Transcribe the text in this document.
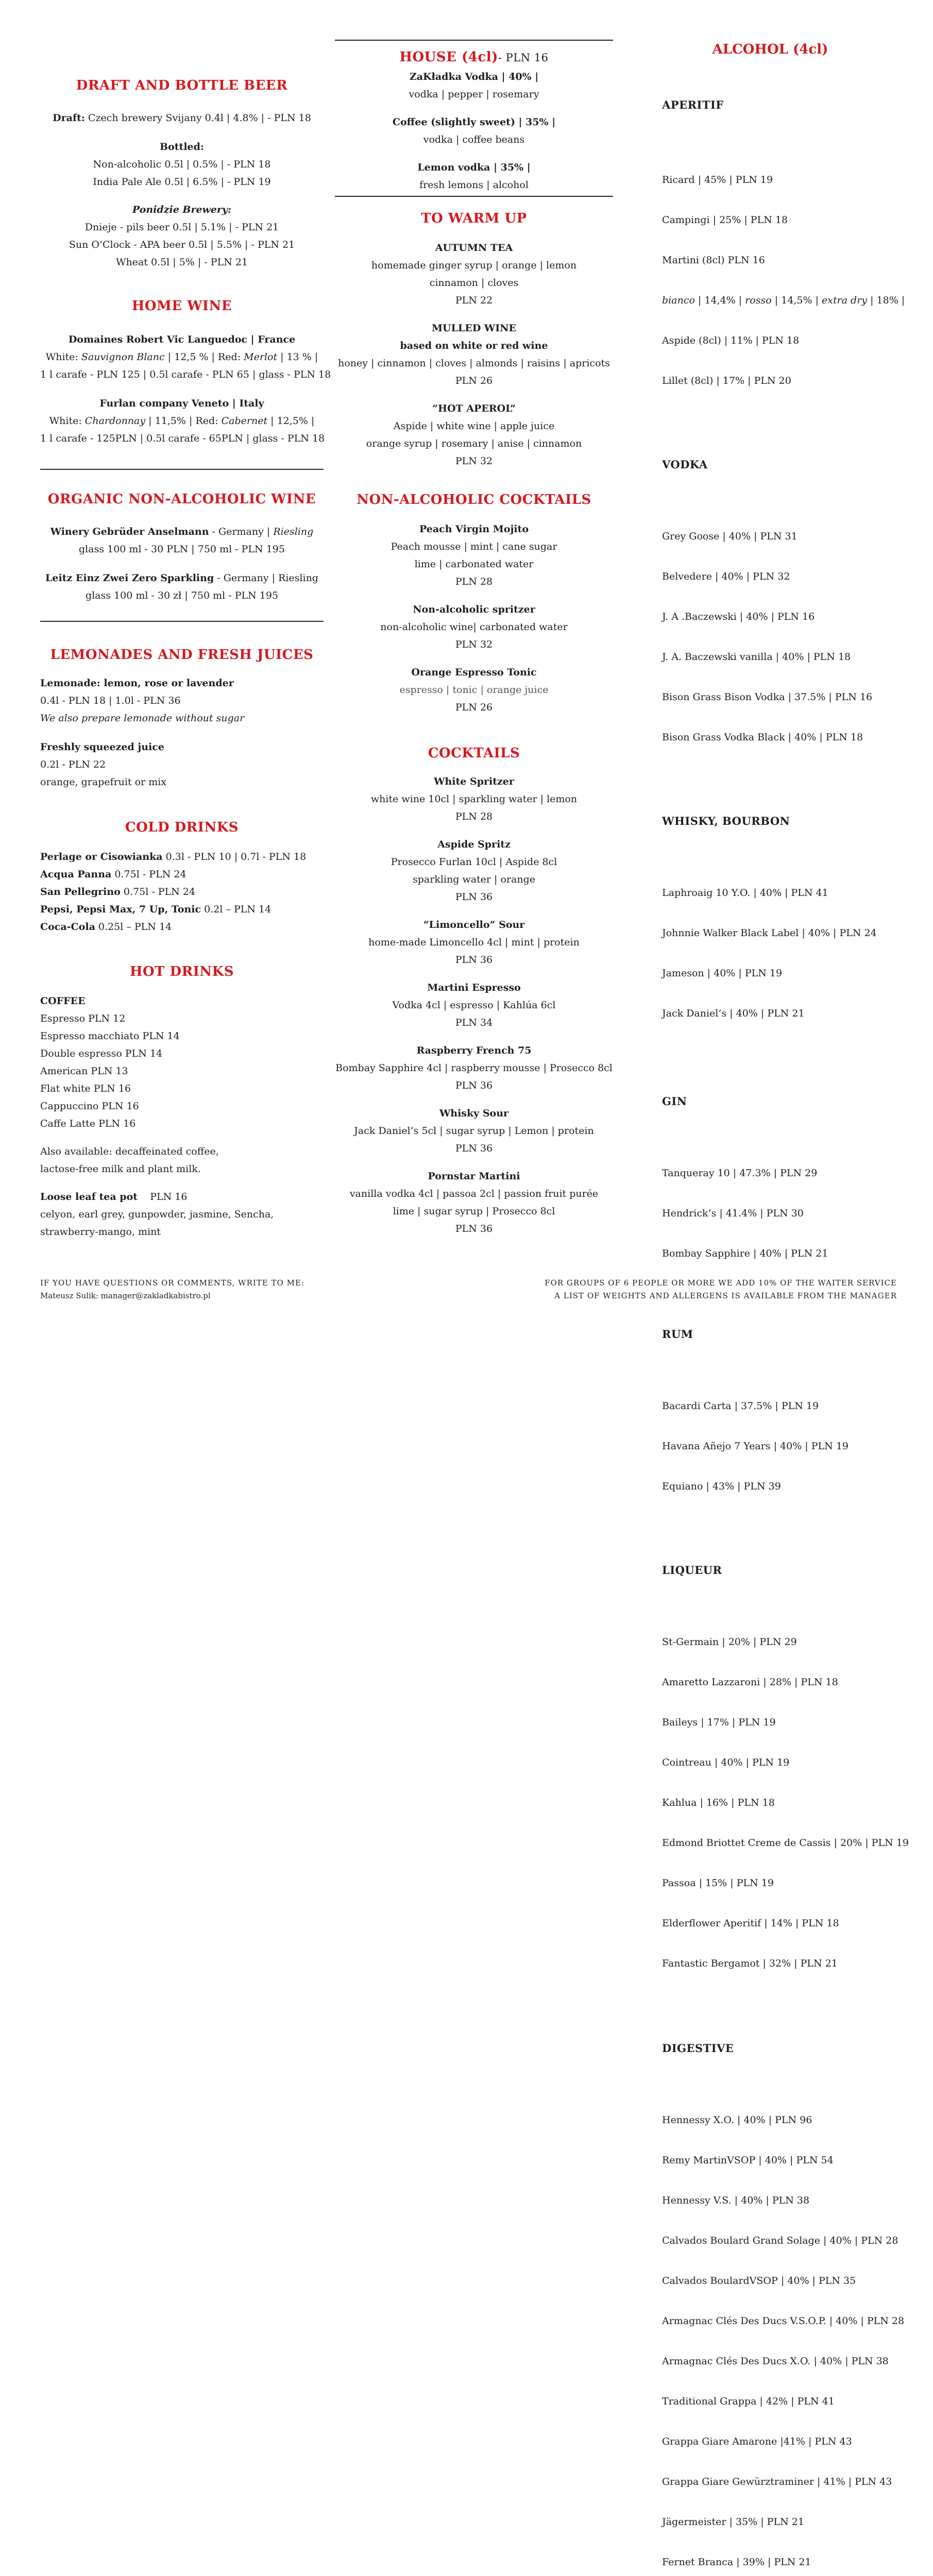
DRAFT AND BOTTLE BEER

Draft: Czech brewery Svijany 0.4l | 4.8% | - PLN 18

Bottled:

Non-alcoholic 0.5l | 0.5% | - PLN 18

India Pale Ale 0.5l | 6.5% | - PLN 19

Ponidzie Brewery:

Dnieje - pils beer 0.5l | 5.1% | - PLN 21

Sun O’Clock - APA beer 0.5l | 5.5% | - PLN 21

Wheat 0.5l | 5% | - PLN 21

HOME WINE

Domaines Robert Vic Languedoc | France

White: Sauvignon Blanc | 12,5 % | Red: Merlot | 13 % |

1 l carafe - PLN 125 | 0.5l carafe - PLN 65 | glass - PLN 18

Furlan company Veneto | Italy

White: Chardonnay | 11,5% | Red: Cabernet | 12,5% |

1 l carafe - 125PLN | 0.5l carafe - 65PLN | glass - PLN 18

ORGANIC NON-ALCOHOLIC WINE

Winery Gebrüder Anselmann - Germany | Riesling

glass 100 ml - 30 PLN | 750 ml - PLN 195

Leitz Einz Zwei Zero Sparkling - Germany | Riesling

glass 100 ml - 30 zł | 750 ml - PLN 195

LEMONADES AND FRESH JUICES

Lemonade: lemon, rose or lavender

0.4l - PLN 18 | 1.0l - PLN 36

We also prepare lemonade without sugar

Freshly squeezed juice

0.2l - PLN 22

orange, grapefruit or mix

COLD DRINKS

Perlage or Cisowianka 0.3l - PLN 10 | 0.7l - PLN 18

Acqua Panna 0.75l - PLN 24

San Pellegrino 0.75l - PLN 24

Pepsi, Pepsi Max, 7 Up, Tonic 0.2l – PLN 14

Coca-Cola 0.25l – PLN 14

HOT DRINKS

COFFEE

Espresso PLN 12

Espresso macchiato PLN 14

Double espresso PLN 14

American PLN 13

Flat white PLN 16

Cappuccino PLN 16

Caffe Latte PLN 16

Also available: decaffeinated coffee,

lactose-free milk and plant milk.

Loose leaf tea pot    PLN 16

celyon, earl grey, gunpowder, jasmine, Sencha,

strawberry-mango, mint

HOUSE (4cl)- PLN 16

ZaKładka Vodka | 40% |

vodka | pepper | rosemary

Coffee (slightly sweet) | 35% |

vodka | coffee beans

Lemon vodka | 35% |

fresh lemons | alcohol

TO WARM UP

AUTUMN TEA

homemade ginger syrup | orange | lemon

cinnamon | cloves

PLN 22

MULLED WINE

based on white or red wine

honey | cinnamon | cloves | almonds | raisins | apricots

PLN 26

“HOT APEROL”

Aspide | white wine | apple juice

orange syrup | rosemary | anise | cinnamon

PLN 32

NON-ALCOHOLIC COCKTAILS

Peach Virgin Mojito

Peach mousse | mint | cane sugar

lime | carbonated water

PLN 28

Non-alcoholic spritzer

non-alcoholic wine| carbonated water

PLN 32

Orange Espresso Tonic

espresso | tonic | orange juice

PLN 26

COCKTAILS

White Spritzer

white wine 10cl | sparkling water | lemon

PLN 28

Aspide Spritz

Prosecco Furlan 10cl | Aspide 8cl

sparkling water | orange

PLN 36

“Limoncello” Sour

home-made Limoncello 4cl | mint | protein

PLN 36

Martini Espresso

Vodka 4cl | espresso | Kahlúa 6cl

PLN 34

Raspberry French 75

Bombay Sapphire 4cl | raspberry mousse | Prosecco 8cl

PLN 36

Whisky Sour

Jack Daniel’s 5cl | sugar syrup | Lemon | protein

PLN 36

Pornstar Martini

vanilla vodka 4cl | passoa 2cl | passion fruit purée

lime | sugar syrup | Prosecco 8cl

PLN 36

ALCOHOL (4cl)

APERITIF

Ricard | 45% | PLN 19

Campingi | 25% | PLN 18

Martini (8cl) PLN 16

bianco | 14,4% | rosso | 14,5% | extra dry | 18% |

Aspide (8cl) | 11% | PLN 18

Lillet (8cl) | 17% | PLN 20

VODKA

Grey Goose | 40% | PLN 31

Belvedere | 40% | PLN 32

J. A .Baczewski | 40% | PLN 16

J. A. Baczewski vanilla | 40% | PLN 18

Bison Grass Bison Vodka | 37.5% | PLN 16

Bison Grass Vodka Black | 40% | PLN 18

WHISKY, BOURBON

Laphroaig 10 Y.O. | 40% | PLN 41

Johnnie Walker Black Label | 40% | PLN 24

Jameson | 40% | PLN 19

Jack Daniel’s | 40% | PLN 21

GIN

Tanqueray 10 | 47.3% | PLN 29

Hendrick’s | 41.4% | PLN 30

Bombay Sapphire | 40% | PLN 21

RUM

Bacardi Carta | 37.5% | PLN 19

Havana Añejo 7 Years | 40% | PLN 19

Equiano | 43% | PLN 39

LIQUEUR

St-Germain | 20% | PLN 29

Amaretto Lazzaroni | 28% | PLN 18

Baileys | 17% | PLN 19

Cointreau | 40% | PLN 19

Kahlua | 16% | PLN 18

Edmond Briottet Creme de Cassis | 20% | PLN 19

Passoa | 15% | PLN 19

Elderflower Aperitif | 14% | PLN 18

Fantastic Bergamot | 32% | PLN 21

DIGESTIVE

Hennessy X.O. | 40% | PLN 96

Remy MartinVSOP | 40% | PLN 54

Hennessy V.S. | 40% | PLN 38

Calvados Boulard Grand Solage | 40% | PLN 28

Calvados BoulardVSOP | 40% | PLN 35

Armagnac Clés Des Ducs V.S.O.P. | 40% | PLN 28

Armagnac Clés Des Ducs X.O. | 40% | PLN 38

Traditional Grappa | 42% | PLN 41

Grappa Giare Amarone |41% | PLN 43

Grappa Giare Gewürztraminer | 41% | PLN 43

Jägermeister | 35% | PLN 21

Fernet Branca | 39% | PLN 21

IF YOU HAVE QUESTIONS OR COMMENTS, WRITE TO ME:
Mateusz Sulik: manager@zakladkabistro.pl
FOR GROUPS OF 6 PEOPLE OR MORE WE ADD 10% OF THE WAITER SERVICE
A LIST OF WEIGHTS AND ALLERGENS IS AVAILABLE FROM THE MANAGER
